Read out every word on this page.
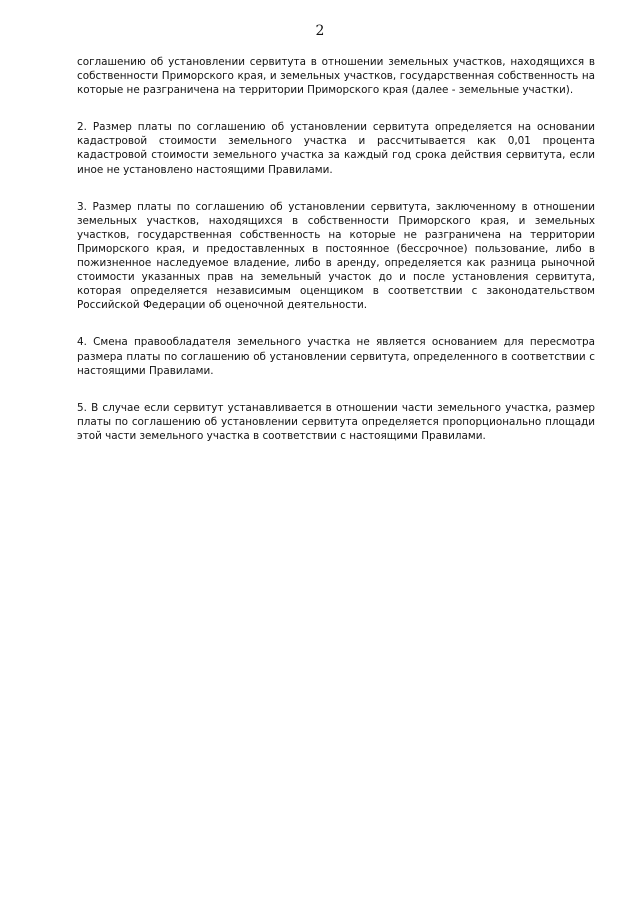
2

соглашению об установлении сервитута в отношении земельных участков, находящихся в собственности Приморского края, и земельных участков, государственная собственность на которые не разграничена на территории Приморского края (далее - земельные участки).

2. Размер платы по соглашению об установлении сервитута определяется на основании кадастровой стоимости земельного участка и рассчитывается как 0,01 процента кадастровой стоимости земельного участка за каждый год срока действия сервитута, если иное не установлено настоящими Правилами.

3. Размер платы по соглашению об установлении сервитута, заключенному в отношении земельных участков, находящихся в собственности Приморского края, и земельных участков, государственная собственность на которые не разграничена на территории Приморского края, и предоставленных в постоянное (бессрочное) пользование, либо в пожизненное наследуемое владение, либо в аренду, определяется как разница рыночной стоимости указанных прав на земельный участок до и после установления сервитута, которая определяется независимым оценщиком в соответствии с законодательством Российской Федерации об оценочной деятельности.

4. Смена правообладателя земельного участка не является основанием для пересмотра размера платы по соглашению об установлении сервитута, определенного в соответствии с настоящими Правилами.

5. В случае если сервитут устанавливается в отношении части земельного участка, размер платы по соглашению об установлении сервитута определяется пропорционально площади этой части земельного участка в соответствии с настоящими Правилами.
